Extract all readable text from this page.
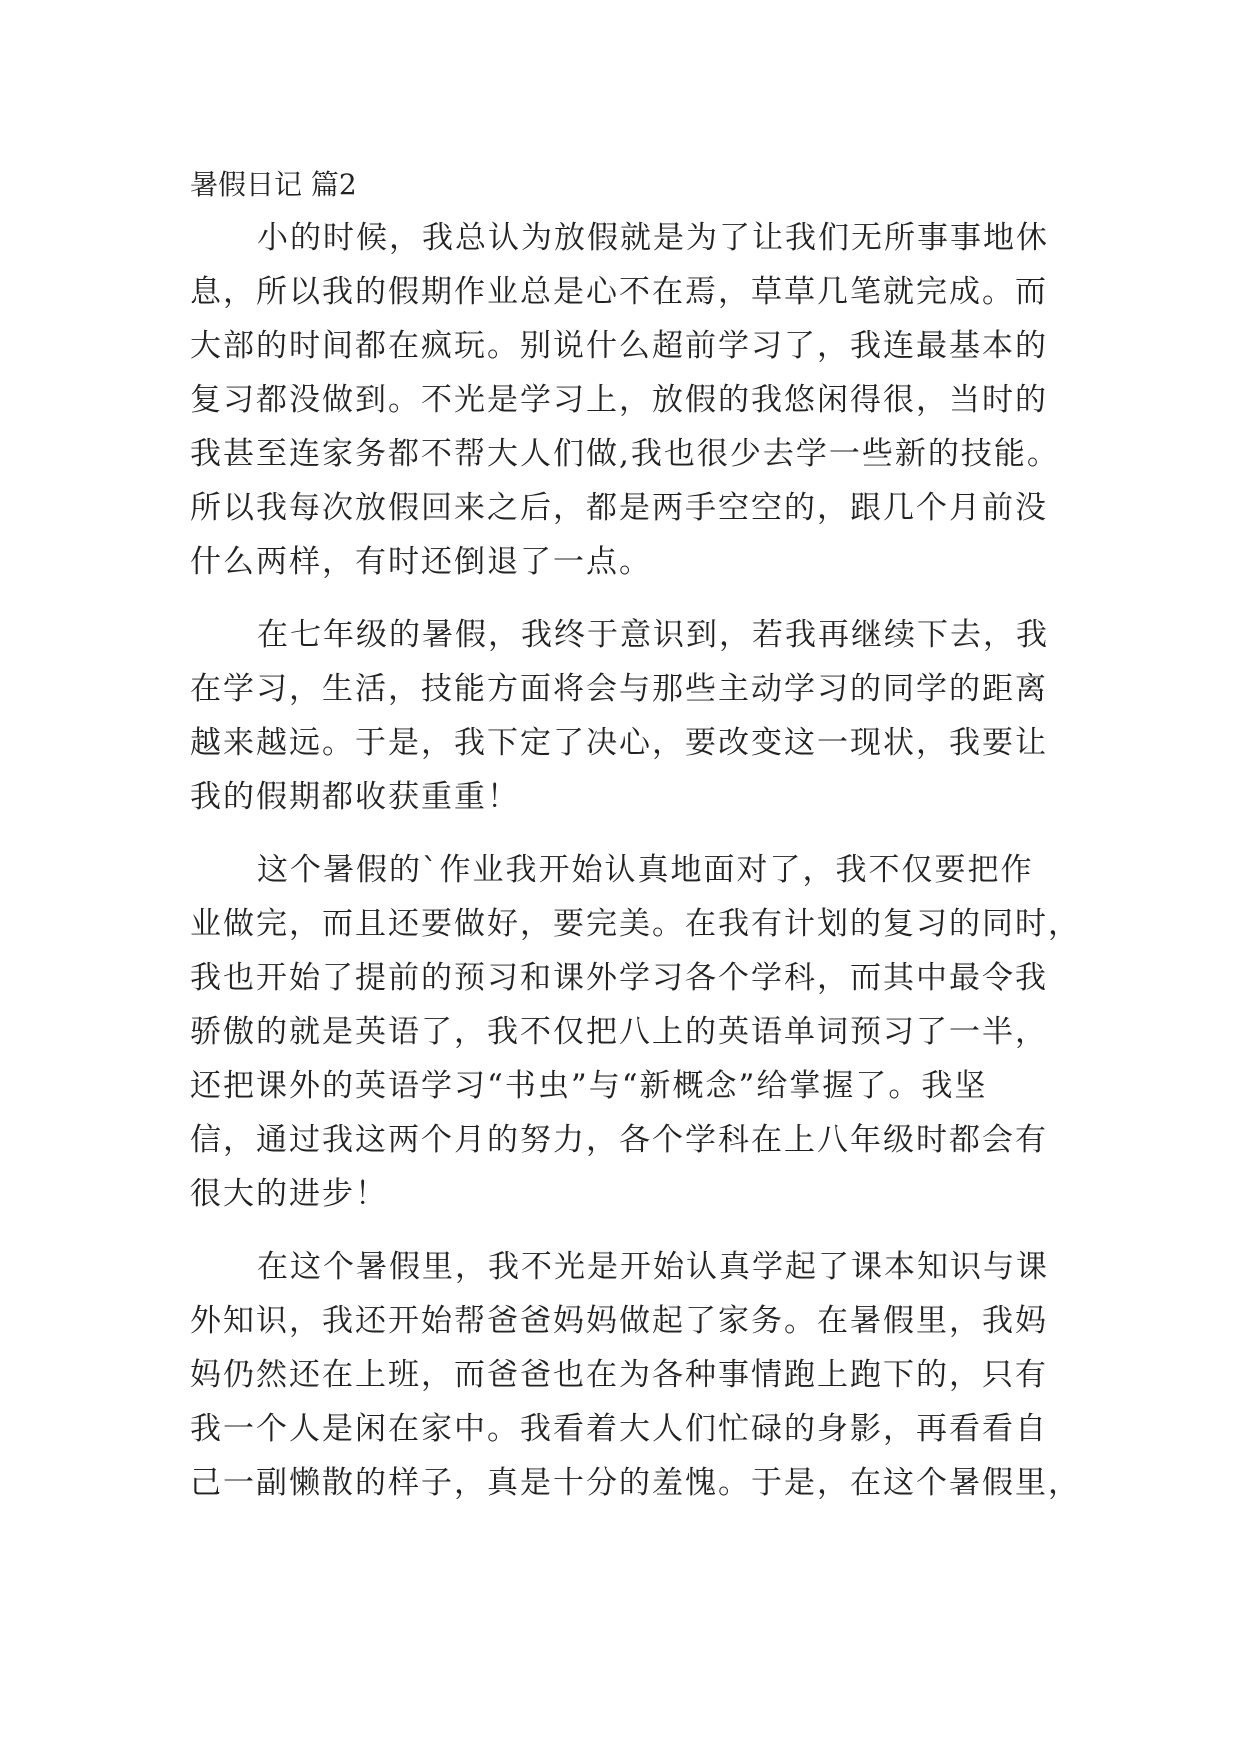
暑假日记 篇2
小的时候，我总认为放假就是为了让我们无所事事地休
息，所以我的假期作业总是心不在焉，草草几笔就完成。而
大部的时间都在疯玩。别说什么超前学习了，我连最基本的
复习都没做到。不光是学习上，放假的我悠闲得很，当时的
我甚至连家务都不帮大人们做,我也很少去学一些新的技能。
所以我每次放假回来之后，都是两手空空的，跟几个月前没
什么两样，有时还倒退了一点。
在七年级的暑假，我终于意识到，若我再继续下去，我
在学习，生活，技能方面将会与那些主动学习的同学的距离
越来越远。于是，我下定了决心，要改变这一现状，我要让
我的假期都收获重重！
这个暑假的`作业我开始认真地面对了，我不仅要把作
业做完，而且还要做好，要完美。在我有计划的复习的同时，
我也开始了提前的预习和课外学习各个学科，而其中最令我
骄傲的就是英语了，我不仅把八上的英语单词预习了一半，
还把课外的英语学习“书虫”与“新概念”给掌握了。我坚
信，通过我这两个月的努力，各个学科在上八年级时都会有
很大的进步！
在这个暑假里，我不光是开始认真学起了课本知识与课
外知识，我还开始帮爸爸妈妈做起了家务。在暑假里，我妈
妈仍然还在上班，而爸爸也在为各种事情跑上跑下的，只有
我一个人是闲在家中。我看着大人们忙碌的身影，再看看自
己一副懒散的样子，真是十分的羞愧。于是，在这个暑假里，
